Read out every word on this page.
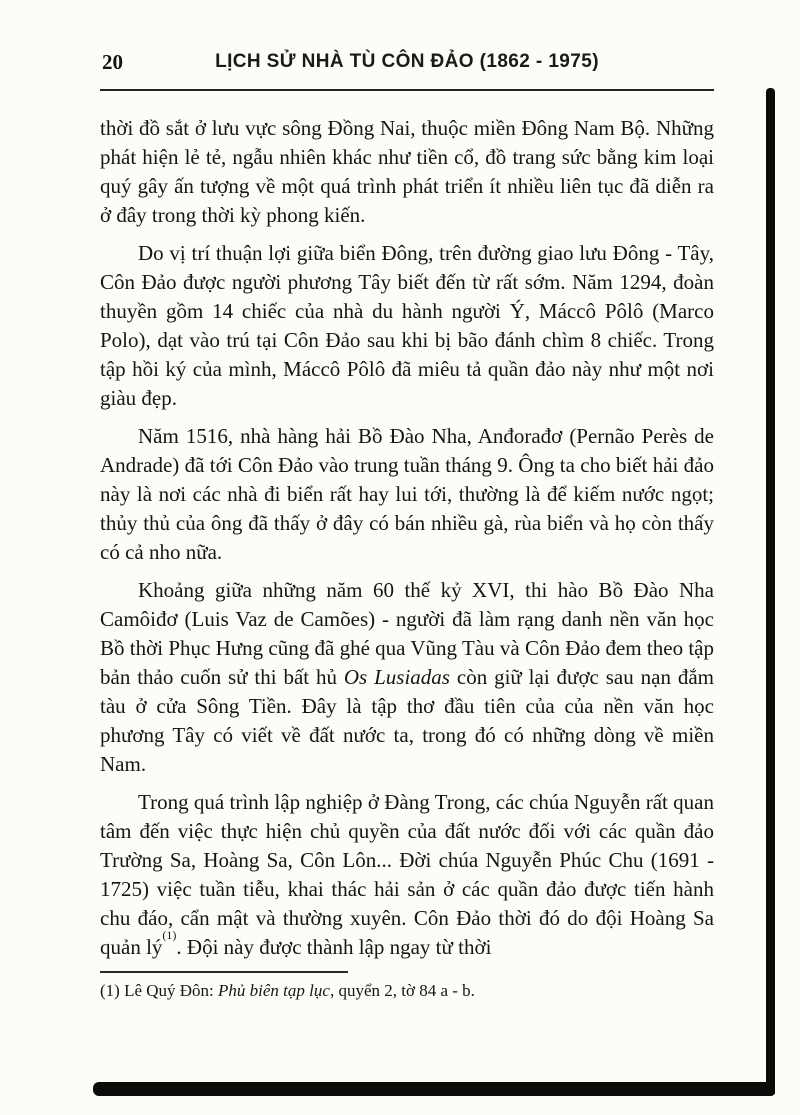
20	LỊCH SỬ NHÀ TÙ CÔN ĐẢO (1862 - 1975)

thời đồ sắt ở lưu vực sông Đồng Nai, thuộc miền Đông Nam Bộ. Những phát hiện lẻ tẻ, ngẫu nhiên khác như tiền cổ, đồ trang sức bằng kim loại quý gây ấn tượng về một quá trình phát triển ít nhiều liên tục đã diễn ra ở đây trong thời kỳ phong kiến.

Do vị trí thuận lợi giữa biển Đông, trên đường giao lưu Đông - Tây, Côn Đảo được người phương Tây biết đến từ rất sớm. Năm 1294, đoàn thuyền gồm 14 chiếc của nhà du hành người Ý, Máccô Pôlô (Marco Polo), dạt vào trú tại Côn Đảo sau khi bị bão đánh chìm 8 chiếc. Trong tập hồi ký của mình, Máccô Pôlô đã miêu tả quần đảo này như một nơi giàu đẹp.

Năm 1516, nhà hàng hải Bồ Đào Nha, Anđorađơ (Pernão Perès de Andrade) đã tới Côn Đảo vào trung tuần tháng 9. Ông ta cho biết hải đảo này là nơi các nhà đi biển rất hay lui tới, thường là để kiếm nước ngọt; thủy thủ của ông đã thấy ở đây có bán nhiều gà, rùa biển và họ còn thấy có cả nho nữa.

Khoảng giữa những năm 60 thế kỷ XVI, thi hào Bồ Đào Nha Camôiđơ (Luis Vaz de Camões) - người đã làm rạng danh nền văn học Bồ thời Phục Hưng cũng đã ghé qua Vũng Tàu và Côn Đảo đem theo tập bản thảo cuốn sử thi bất hủ Os Lusiadas còn giữ lại được sau nạn đắm tàu ở cửa Sông Tiền. Đây là tập thơ đầu tiên của của nền văn học phương Tây có viết về đất nước ta, trong đó có những dòng về miền Nam.

Trong quá trình lập nghiệp ở Đàng Trong, các chúa Nguyễn rất quan tâm đến việc thực hiện chủ quyền của đất nước đối với các quần đảo Trường Sa, Hoàng Sa, Côn Lôn... Đời chúa Nguyễn Phúc Chu (1691 - 1725) việc tuần tiễu, khai thác hải sản ở các quần đảo được tiến hành chu đáo, cẩn mật và thường xuyên. Côn Đảo thời đó do đội Hoàng Sa quản lý$^{(1)}$. Đội này được thành lập ngay từ thời

(1) Lê Quý Đôn: Phủ biên tạp lục, quyển 2, tờ 84 a - b.
